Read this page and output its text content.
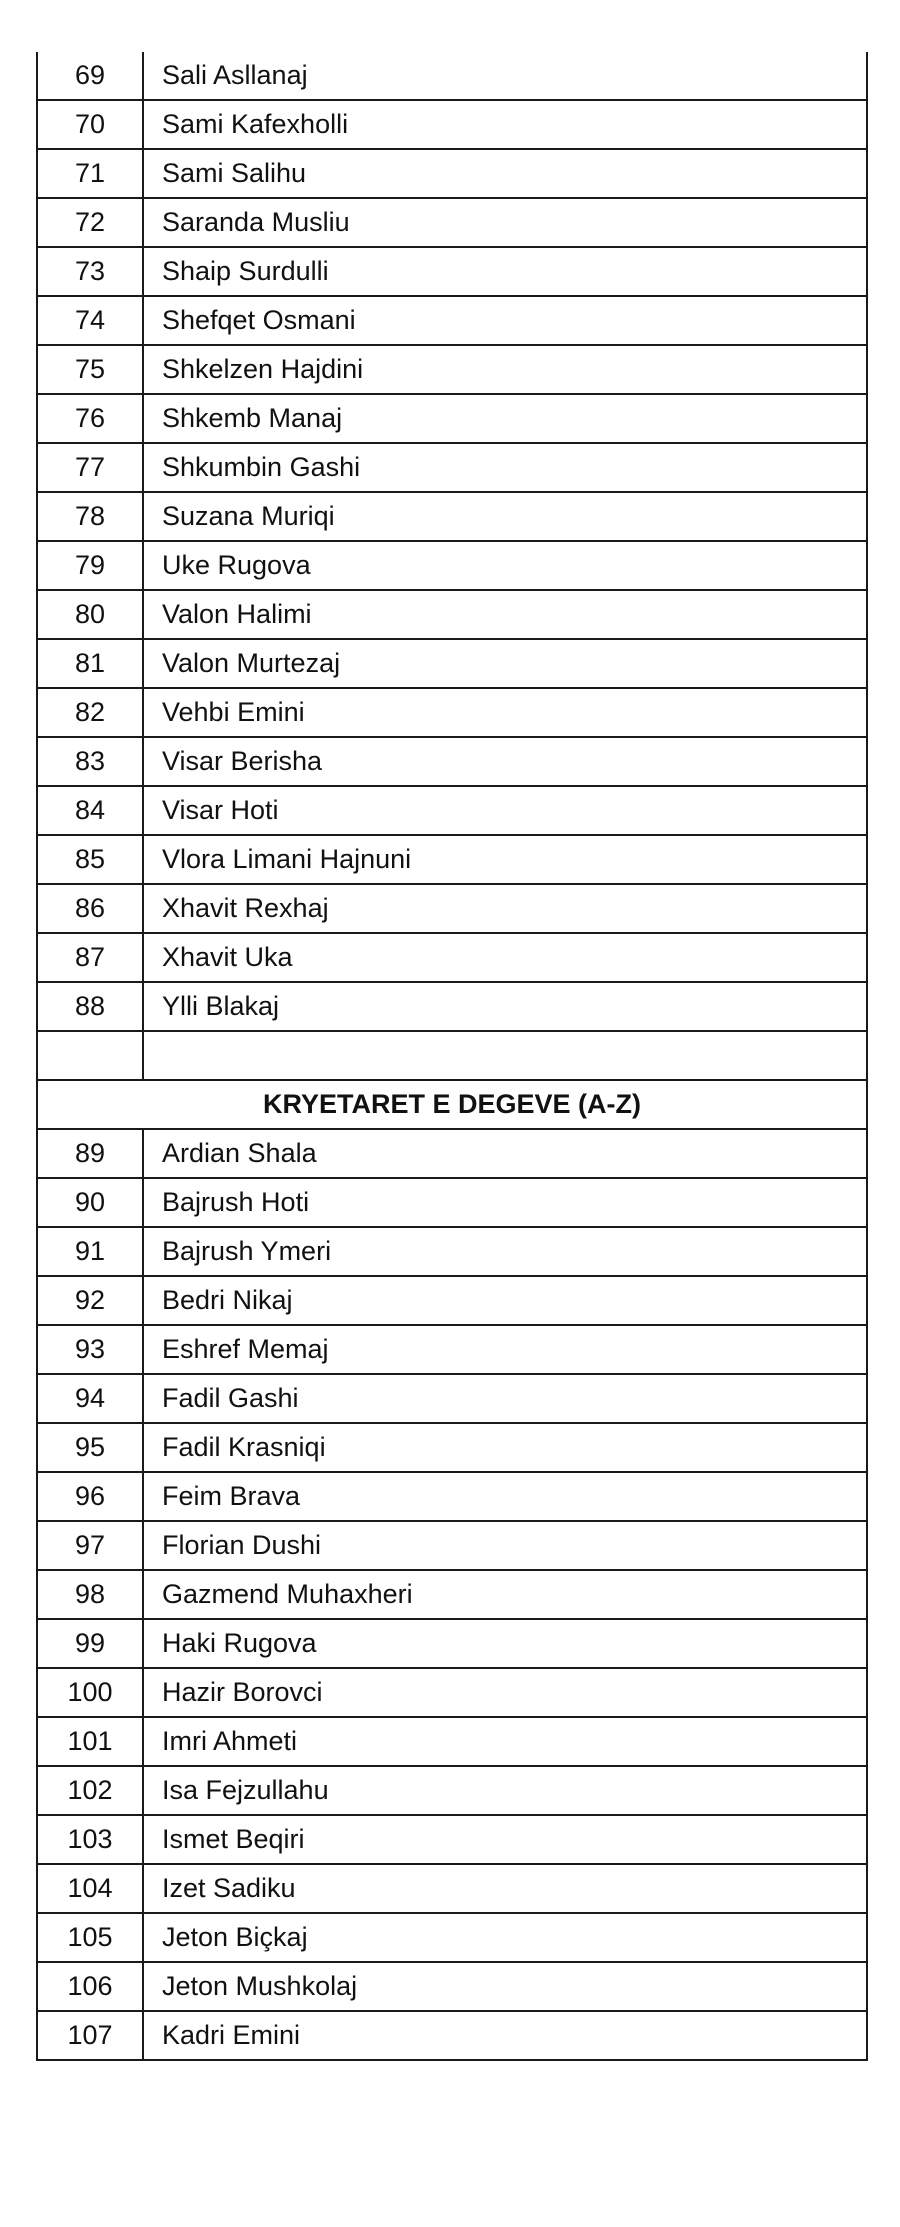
69	Sali Asllanaj
70	Sami Kafexholli
71	Sami Salihu
72	Saranda Musliu
73	Shaip Surdulli
74	Shefqet Osmani
75	Shkelzen Hajdini
76	Shkemb Manaj
77	Shkumbin Gashi
78	Suzana Muriqi
79	Uke Rugova
80	Valon Halimi
81	Valon Murtezaj
82	Vehbi Emini
83	Visar Berisha
84	Visar Hoti
85	Vlora Limani Hajnuni
86	Xhavit Rexhaj
87	Xhavit Uka
88	Ylli Blakaj

KRYETARET E DEGEVE (A-Z)	
89	Ardian Shala
90	Bajrush Hoti
91	Bajrush Ymeri
92	Bedri Nikaj
93	Eshref Memaj
94	Fadil Gashi
95	Fadil Krasniqi
96	Feim Brava
97	Florian Dushi
98	Gazmend Muhaxheri
99	Haki Rugova
100	Hazir Borovci
101	Imri Ahmeti
102	Isa Fejzullahu
103	Ismet Beqiri
104	Izet Sadiku
105	Jeton Biçkaj
106	Jeton Mushkolaj
107	Kadri Emini
